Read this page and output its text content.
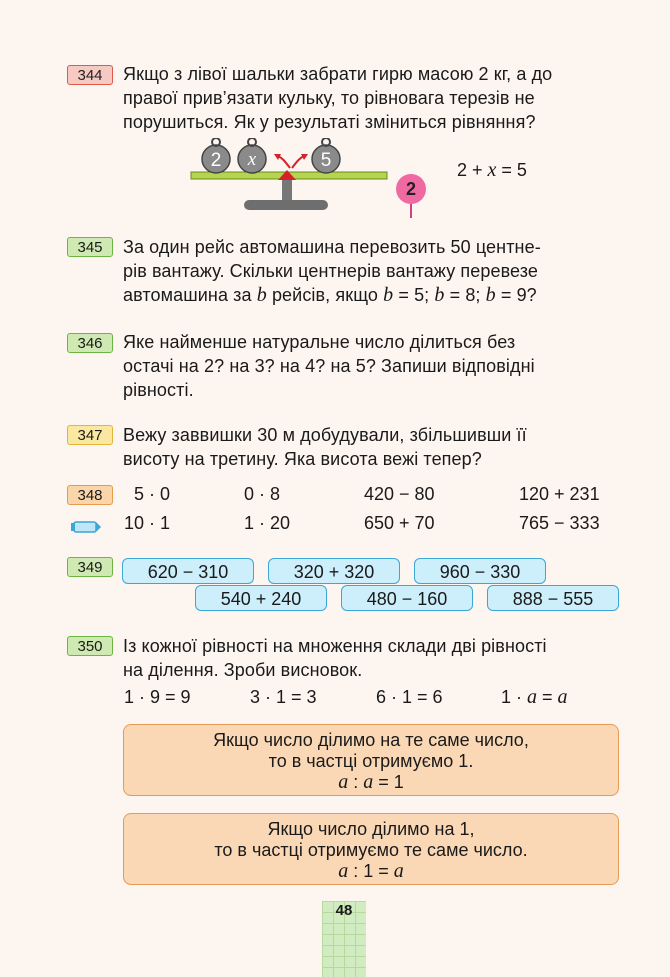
344	Якщо з лівої шальки забрати гирю масою 2 кг, а до
правої прив’язати кульку, то рівновага терезів не
порушиться. Як у результаті зміниться рівняння?
2 x	5	2 + x = 5
2
345	За один рейс автомашина перевозить 50 центне-
рів вантажу. Скільки центнерів вантажу перевезе
автомашина за b рейсів, якщо b = 5; b = 8; b = 9?
346	Яке найменше натуральне число ділиться без
остачі на 2? на 3? на 4? на 5? Запиши відповідні
рівності.
347	Вежу заввишки 30 м добудували, збільшивши її
висоту на третину. Яка висота вежі тепер?
348	5 · 0	0 · 8	420 − 80	120 + 231
10 · 1	1 · 20	650 + 70	765 − 333
349	620 − 310	320 + 320	960 − 330
540 + 240	480 − 160	888 − 555
350	Із кожної рівності на множення склади дві рівності
на ділення. Зроби висновок.
1 · 9 = 9	3 · 1 = 3	6 · 1 = 6	1 · a = a
Якщо число ділимо на те саме число,
то в частці отримуємо 1.
a : a = 1
Якщо число ділимо на 1,
то в частці отримуємо те саме число.
a : 1 = a
48
